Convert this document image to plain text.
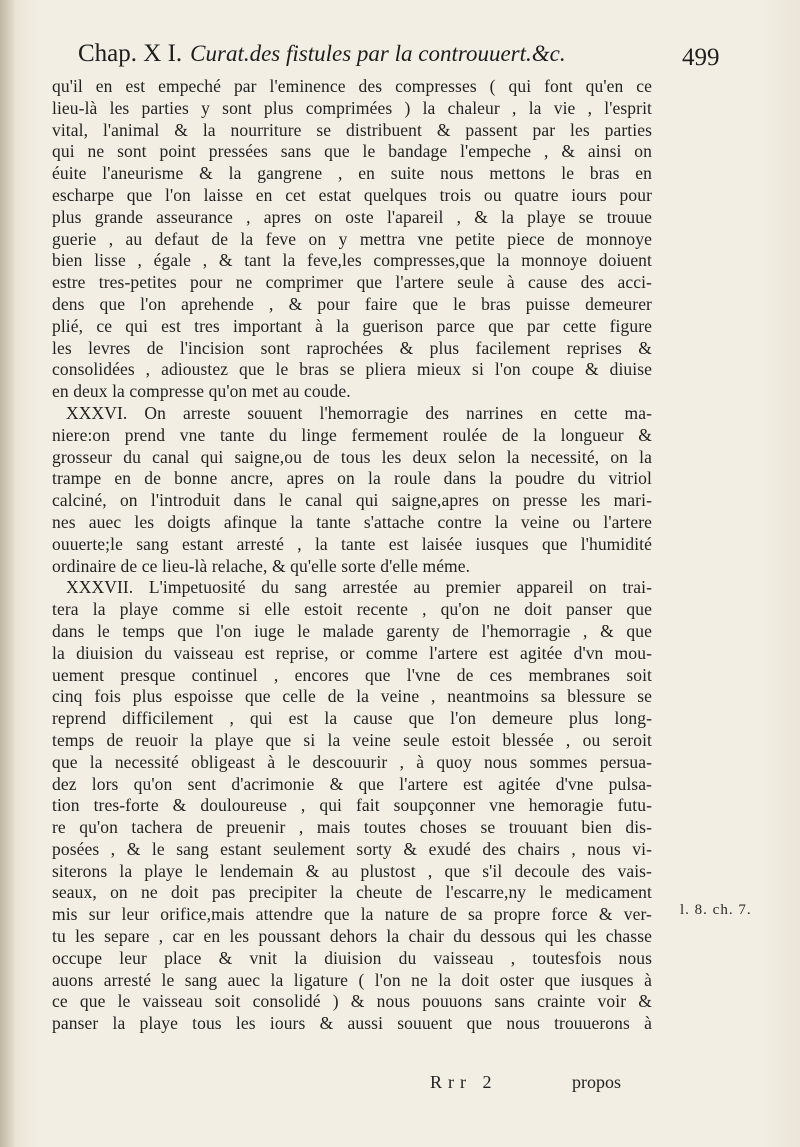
Chap. X I. Curat.des fistules par la controuuert.&c.	499
qu'il en est empeché par l'eminence des compresses ( qui font qu'en ce
lieu-là les parties y sont plus comprimées ) la chaleur , la vie , l'esprit
vital, l'animal & la nourriture se distribuent & passent par les parties
qui ne sont point pressées sans que le bandage l'empeche , & ainsi on
éuite l'aneurisme & la gangrene , en suite nous mettons le bras en
escharpe que l'on laisse en cet estat quelques trois ou quatre iours pour
plus grande asseurance , apres on oste l'apareil , & la playe se trouue
guerie , au defaut de la feve on y mettra vne petite piece de monnoye
bien lisse , égale , & tant la feve,les compresses,que la monnoye doiuent
estre tres-petites pour ne comprimer que l'artere seule à cause des acci-
dens que l'on aprehende , & pour faire que le bras puisse demeurer
plié, ce qui est tres important à la guerison parce que par cette figure
les levres de l'incision sont raprochées & plus facilement reprises &
consolidées , adioustez que le bras se pliera mieux si l'on coupe & diuise
en deux la compresse qu'on met au coude.
XXXVI. On arreste souuent l'hemorragie des narrines en cette ma-
niere:on prend vne tante du linge fermement roulée de la longueur &
grosseur du canal qui saigne,ou de tous les deux selon la necessité, on la
trampe en de bonne ancre, apres on la roule dans la poudre du vitriol
calciné, on l'introduit dans le canal qui saigne,apres on presse les mari-
nes auec les doigts afinque la tante s'attache contre la veine ou l'artere
ouuerte;le sang estant arresté , la tante est laisée iusques que l'humidité
ordinaire de ce lieu-là relache, & qu'elle sorte d'elle méme.
XXXVII. L'impetuosité du sang arrestée au premier appareil on trai-
tera la playe comme si elle estoit recente , qu'on ne doit panser que
dans le temps que l'on iuge le malade garenty de l'hemorragie , & que
la diuision du vaisseau est reprise, or comme l'artere est agitée d'vn mou-
uement presque continuel , encores que l'vne de ces membranes soit
cinq fois plus espoisse que celle de la veine , neantmoins sa blessure se
reprend difficilement , qui est la cause que l'on demeure plus long-
temps de reuoir la playe que si la veine seule estoit blessée , ou seroit
que la necessité obligeast à le descouurir , à quoy nous sommes persua-
dez lors qu'on sent d'acrimonie & que l'artere est agitée d'vne pulsa-
tion tres-forte & douloureuse , qui fait soupçonner vne hemoragie futu-
re qu'on tachera de preuenir , mais toutes choses se trouuant bien dis-
posées , & le sang estant seulement sorty & exudé des chairs , nous vi-
siterons la playe le lendemain & au plustost , que s'il decoule des vais-
seaux, on ne doit pas precipiter la cheute de l'escarre,ny le medicament
mis sur leur orifice,mais attendre que la nature de sa propre force & ver-
tu les separe , car en les poussant dehors la chair du dessous qui les chasse
occupe leur place & vnit la diuision du vaisseau , toutesfois nous
auons arresté le sang auec la ligature ( l'on ne la doit oster que iusques à
ce que le vaisseau soit consolidé ) & nous pouuons sans crainte voir &
panser la playe tous les iours & aussi souuent que nous trouuerons à
l. 8. ch. 7.
Rrr 2	propos
